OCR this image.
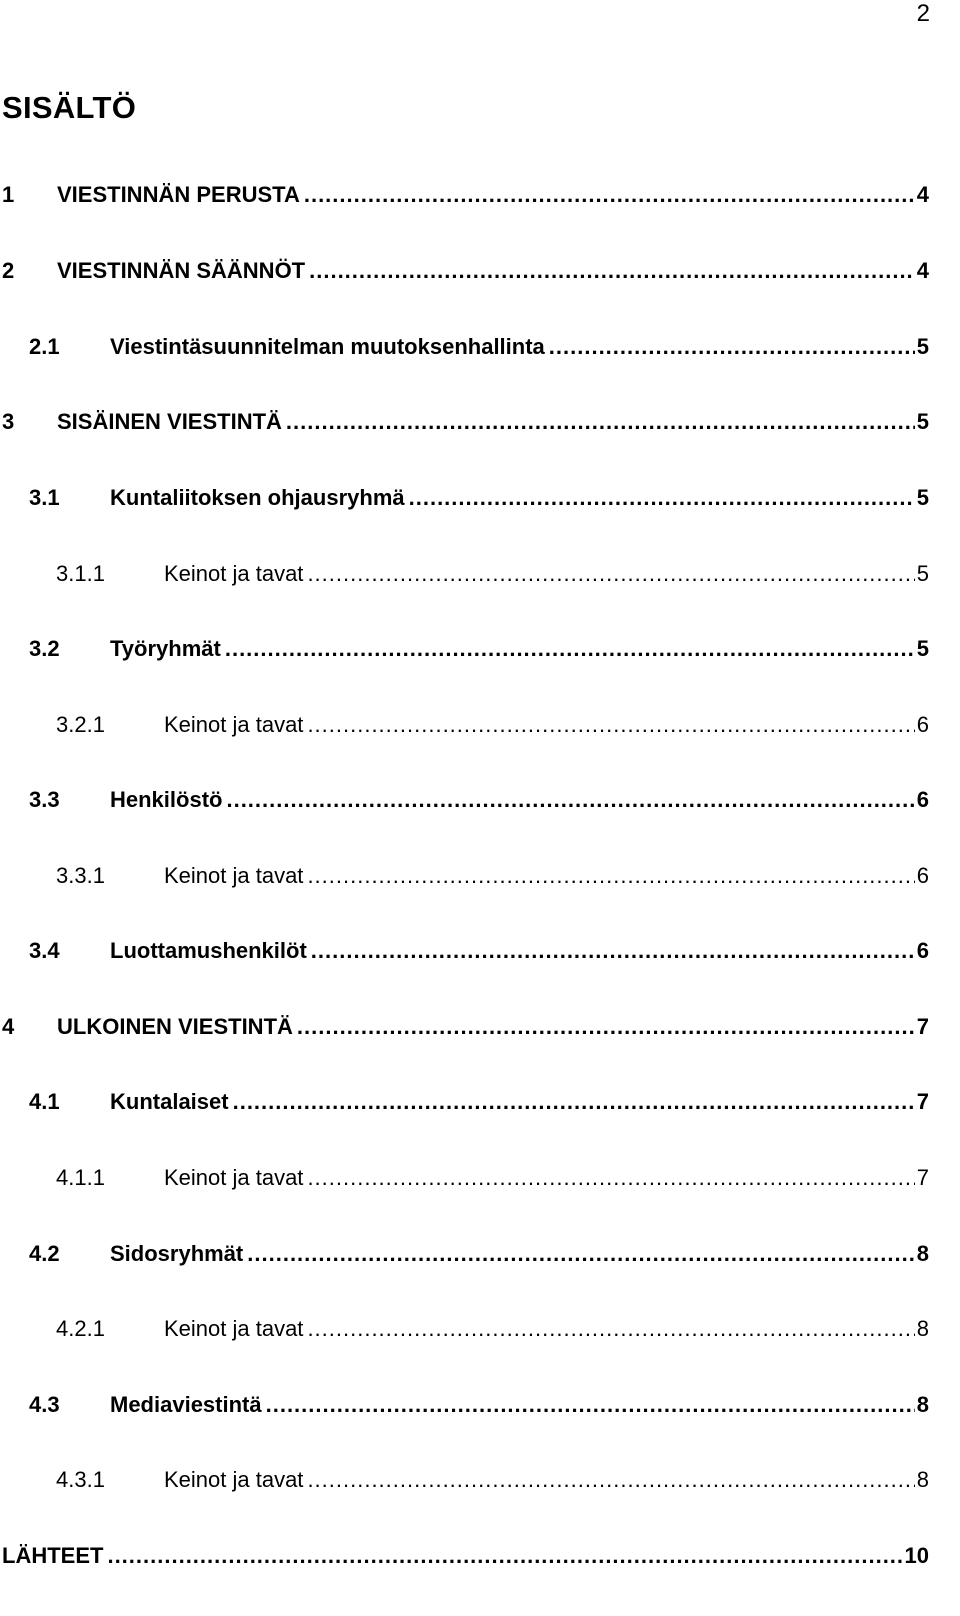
2
SISÄLTÖ
1	VIESTINNÄN PERUSTA .....	4
2	VIESTINNÄN SÄÄNNÖT .....	4
2.1	Viestintäsuunnitelman muutoksenhallinta .....	5
3	SISÄINEN VIESTINTÄ .....	5
3.1	Kuntaliitoksen ohjausryhmä .....	5
3.1.1	Keinot ja tavat .....	5
3.2	Työryhmät .....	5
3.2.1	Keinot ja tavat .....	6
3.3	Henkilöstö .....	6
3.3.1	Keinot ja tavat .....	6
3.4	Luottamushenkilöt .....	6
4	ULKOINEN VIESTINTÄ .....	7
4.1	Kuntalaiset .....	7
4.1.1	Keinot ja tavat .....	7
4.2	Sidosryhmät .....	8
4.2.1	Keinot ja tavat .....	8
4.3	Mediaviestintä .....	8
4.3.1	Keinot ja tavat .....	8
LÄHTEET .....	10
